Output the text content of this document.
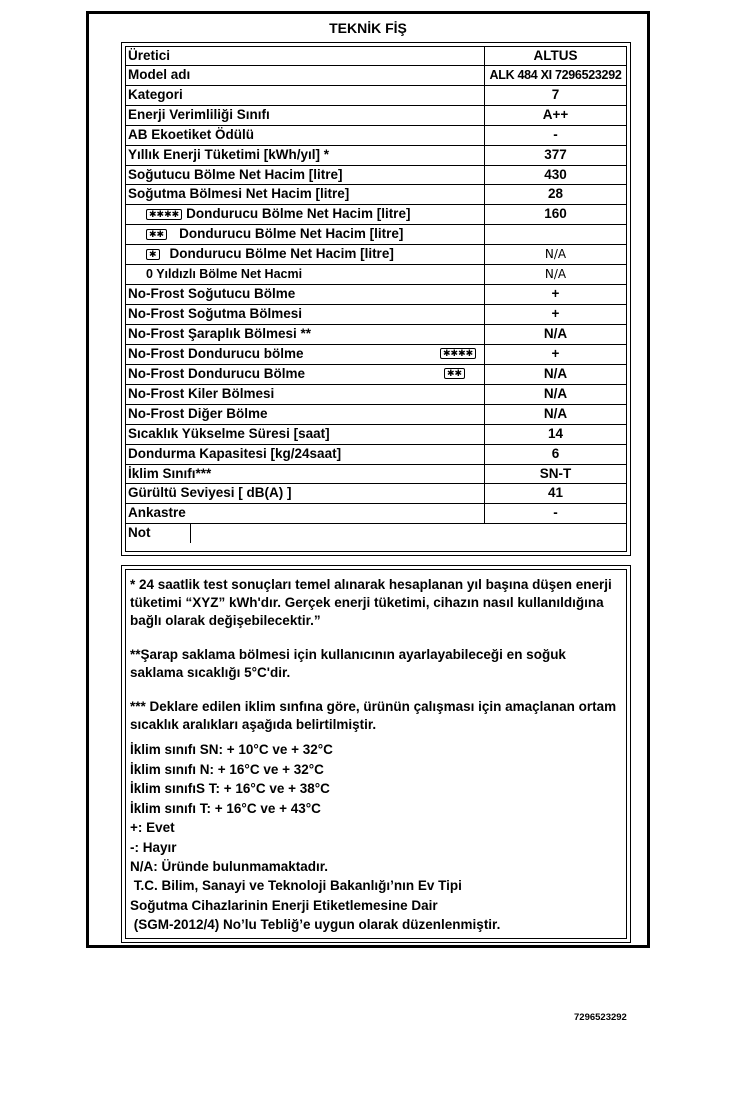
TEKNİK FİŞ
Üretici	ALTUS
Model adı	ALK 484 XI 7296523292
Kategori	7
Enerji Verimliliği Sınıfı	A++
AB Ekoetiket Ödülü	-
Yıllık Enerji Tüketimi [kWh/yıl] *	377
Soğutucu Bölme Net Hacim [litre]	430
Soğutma Bölmesi Net Hacim [litre]	28
✱✱✱✱ Dondurucu Bölme Net Hacim [litre]	160
✱✱ Dondurucu Bölme Net Hacim [litre]
✱ Dondurucu Bölme Net Hacim [litre]	N/A
0 Yıldızlı Bölme Net Hacmi	N/A
No-Frost Soğutucu Bölme	+
No-Frost Soğutma Bölmesi	+
No-Frost Şaraplık Bölmesi **	N/A
No-Frost Dondurucu bölme	✱✱✱✱	+
No-Frost Dondurucu Bölme	✱✱	N/A
No-Frost Kiler Bölmesi	N/A
No-Frost Diğer Bölme	N/A
Sıcaklık Yükselme Süresi [saat]	14
Dondurma Kapasitesi [kg/24saat]	6
İklim Sınıfı***	SN-T
Gürültü Seviyesi [ dB(A) ]	41
Ankastre	-
Not

* 24 saatlik test sonuçları temel alınarak hesaplanan yıl başına düşen enerji tüketimi “XYZ” kWh'dır. Gerçek enerji tüketimi, cihazın nasıl kullanıldığına bağlı olarak değişebilecektir.”

**Şarap saklama bölmesi için kullanıcının ayarlayabileceği en soğuk saklama sıcaklığı 5°C'dir.

*** Deklare edilen iklim sınfına göre, ürünün çalışması için amaçlanan ortam sıcaklık aralıkları aşağıda belirtilmiştir.

İklim sınıfı SN: + 10°C ve + 32°C
İklim sınıfı N: + 16°C ve + 32°C
İklim sınıfıS T: + 16°C ve + 38°C
İklim sınıfı T: + 16°C ve + 43°C
+: Evet
-: Hayır
N/A: Üründe bulunmamaktadır.
T.C. Bilim, Sanayi ve Teknoloji Bakanlığı’nın Ev Tipi
Soğutma Cihazlarinin Enerji Etiketlemesine Dair
(SGM-2012/4) No’lu Tebliğ’e uygun olarak düzenlenmiştir.
7296523292
